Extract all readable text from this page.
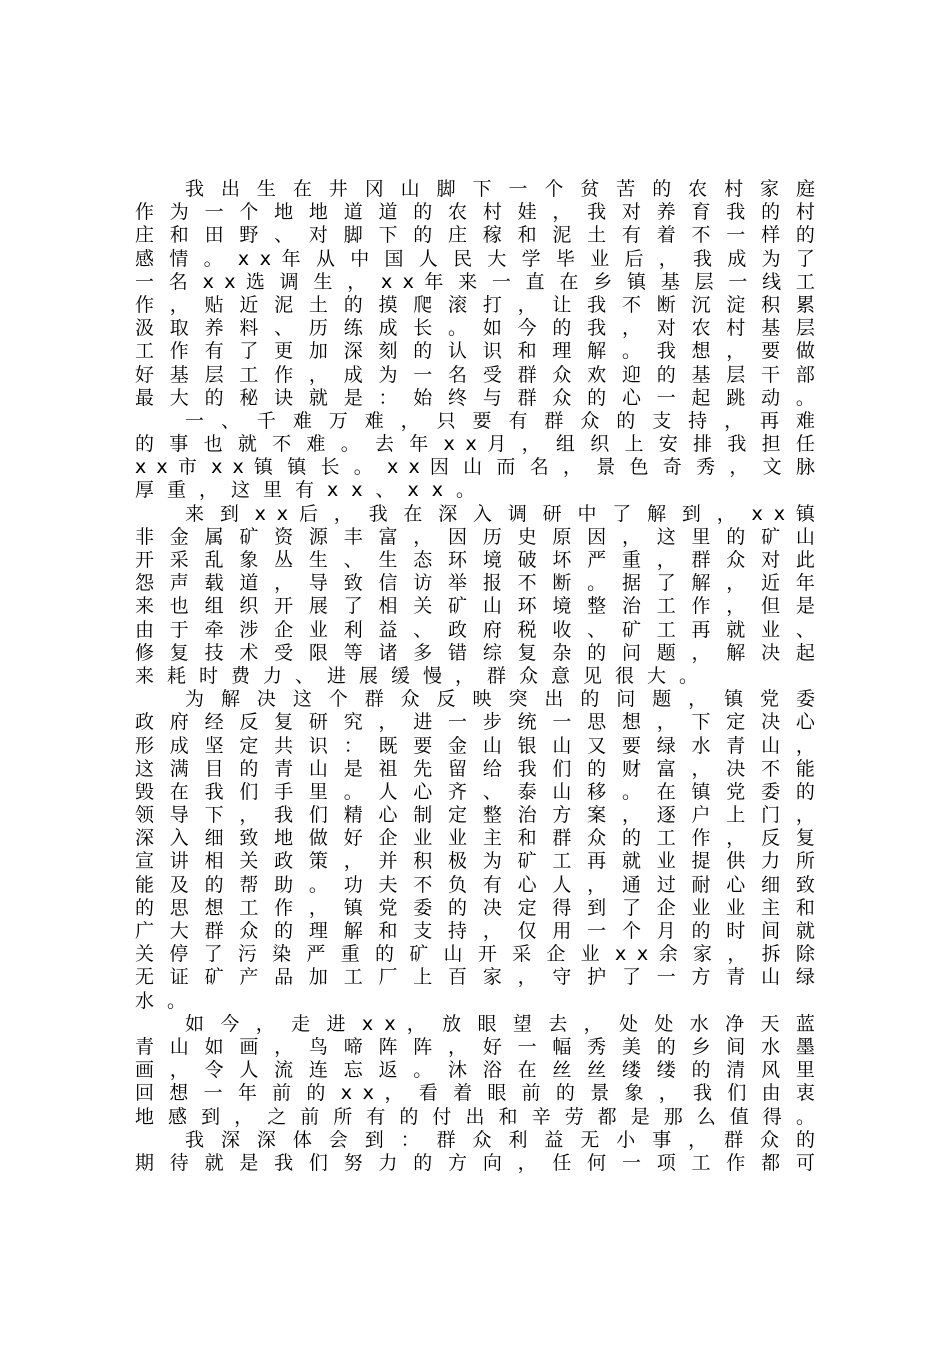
我 出 生 在 井 冈 山 脚 下 一 个 贫 苦 的 农 村 家 庭
作 为 一 个 地 地 道 道 的 农 村 娃 ， 我 对 养 育 我 的 村
庄 和 田 野 、 对 脚 下 的 庄 稼 和 泥 土 有 着 不 一 样 的
感 情 。 x x 年 从 中 国 人 民 大 学 毕 业 后 ， 我 成 为 了
一 名 x x 选 调 生 ， x x 年 来 一 直 在 乡 镇 基 层 一 线 工
作 ， 贴 近 泥 土 的 摸 爬 滚 打 ， 让 我 不 断 沉 淀 积 累
汲 取 养 料 、 历 练 成 长 。 如 今 的 我 ， 对 农 村 基 层
工 作 有 了 更 加 深 刻 的 认 识 和 理 解 。 我 想 ， 要 做
好 基 层 工 作 ， 成 为 一 名 受 群 众 欢 迎 的 基 层 干 部
最 大 的 秘 诀 就 是 ： 始 终 与 群 众 的 心 一 起 跳 动 。
一 、 千 难 万 难 ， 只 要 有 群 众 的 支 持 ， 再 难
的 事 也 就 不 难 。 去 年 x x 月 ， 组 织 上 安 排 我 担 任
x x 市 x x 镇 镇 长 。 x x 因 山 而 名 ， 景 色 奇 秀 ， 文 脉
厚重，这里有xx、xx。
来 到 x x 后 ， 我 在 深 入 调 研 中 了 解 到 ， x x 镇
非 金 属 矿 资 源 丰 富 ， 因 历 史 原 因 ， 这 里 的 矿 山
开 采 乱 象 丛 生 、 生 态 环 境 破 坏 严 重 ， 群 众 对 此
怨 声 载 道 ， 导 致 信 访 举 报 不 断 。 据 了 解 ， 近 年
来 也 组 织 开 展 了 相 关 矿 山 环 境 整 治 工 作 ， 但 是
由 于 牵 涉 企 业 利 益 、 政 府 税 收 、 矿 工 再 就 业 、
修 复 技 术 受 限 等 诸 多 错 综 复 杂 的 问 题 ， 解 决 起
来耗时费力、进展缓慢，群众意见很大。
为 解 决 这 个 群 众 反 映 突 出 的 问 题 ， 镇 党 委
政 府 经 反 复 研 究 ， 进 一 步 统 一 思 想 ， 下 定 决 心
形 成 坚 定 共 识 ： 既 要 金 山 银 山 又 要 绿 水 青 山 ，
这 满 目 的 青 山 是 祖 先 留 给 我 们 的 财 富 ， 决 不 能
毁 在 我 们 手 里 。 人 心 齐 、 泰 山 移 。 在 镇 党 委 的
领 导 下 ， 我 们 精 心 制 定 整 治 方 案 ， 逐 户 上 门 ，
深 入 细 致 地 做 好 企 业 业 主 和 群 众 的 工 作 ， 反 复
宣 讲 相 关 政 策 ， 并 积 极 为 矿 工 再 就 业 提 供 力 所
能 及 的 帮 助 。 功 夫 不 负 有 心 人 ， 通 过 耐 心 细 致
的 思 想 工 作 ， 镇 党 委 的 决 定 得 到 了 企 业 业 主 和
广 大 群 众 的 理 解 和 支 持 ， 仅 用 一 个 月 的 时 间 就
关 停 了 污 染 严 重 的 矿 山 开 采 企 业 x x 余 家 ， 拆 除
无 证 矿 产 品 加 工 厂 上 百 家 ， 守 护 了 一 方 青 山 绿
水。
如 今 ， 走 进 x x ， 放 眼 望 去 ， 处 处 水 净 天 蓝
青 山 如 画 ， 鸟 啼 阵 阵 ， 好 一 幅 秀 美 的 乡 间 水 墨
画 ， 令 人 流 连 忘 返 。 沐 浴 在 丝 丝 缕 缕 的 清 风 里
回 想 一 年 前 的 x x ， 看 着 眼 前 的 景 象 ， 我 们 由 衷
地 感 到 ， 之 前 所 有 的 付 出 和 辛 劳 都 是 那 么 值 得 。
我 深 深 体 会 到 ： 群 众 利 益 无 小 事 ， 群 众 的
期 待 就 是 我 们 努 力 的 方 向 ， 任 何 一 项 工 作 都 可
